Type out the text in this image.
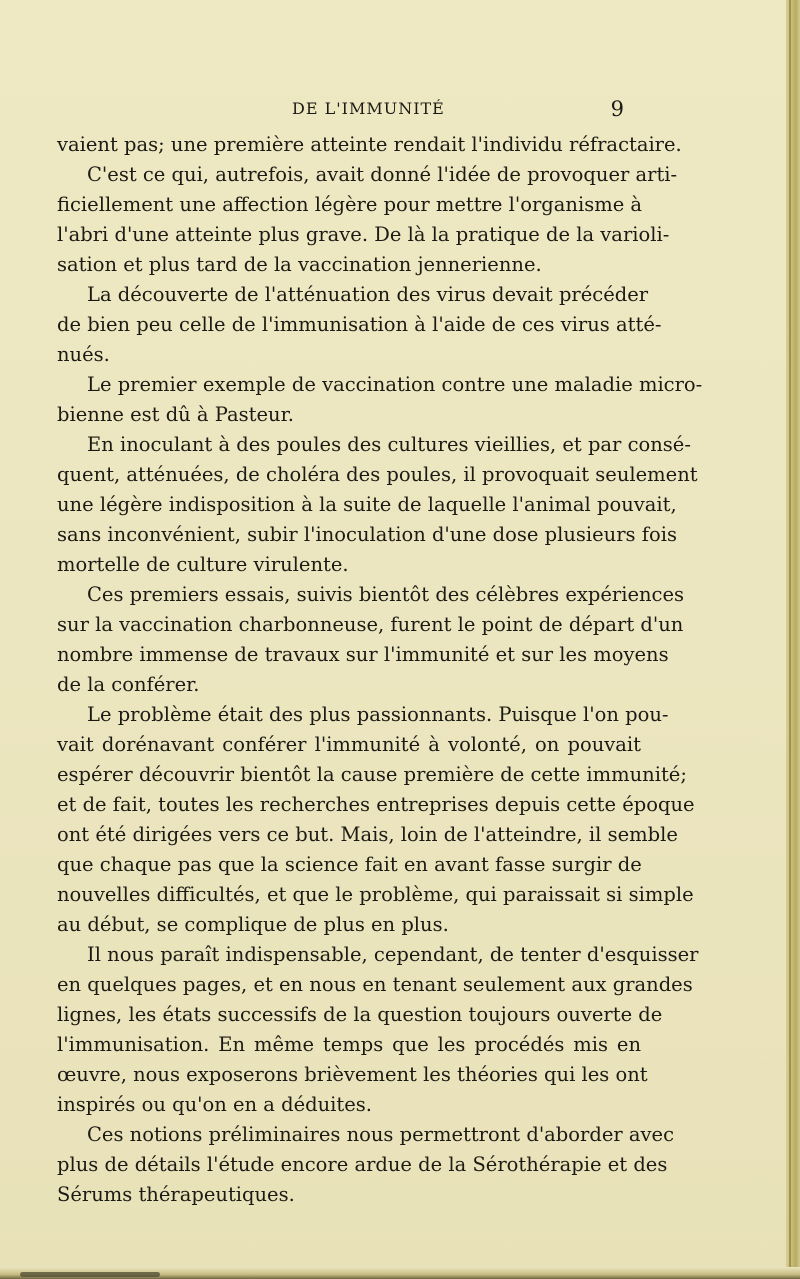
DE L'IMMUNITÉ	9
vaient pas; une première atteinte rendait l'individu réfractaire.
C'est ce qui, autrefois, avait donné l'idée de provoquer arti-
ficiellement une affection légère pour mettre l'organisme à
l'abri d'une atteinte plus grave. De là la pratique de la varioli-
sation et plus tard de la vaccination jennerienne.
La découverte de l'atténuation des virus devait précéder
de bien peu celle de l'immunisation à l'aide de ces virus atté-
nués.
Le premier exemple de vaccination contre une maladie micro-
bienne est dû à Pasteur.
En inoculant à des poules des cultures vieillies, et par consé-
quent, atténuées, de choléra des poules, il provoquait seulement
une légère indisposition à la suite de laquelle l'animal pouvait,
sans inconvénient, subir l'inoculation d'une dose plusieurs fois
mortelle de culture virulente.
Ces premiers essais, suivis bientôt des célèbres expériences
sur la vaccination charbonneuse, furent le point de départ d'un
nombre immense de travaux sur l'immunité et sur les moyens
de la conférer.
Le problème était des plus passionnants. Puisque l'on pou-
vait dorénavant conférer l'immunité à volonté, on pouvait
espérer découvrir bientôt la cause première de cette immunité;
et de fait, toutes les recherches entreprises depuis cette époque
ont été dirigées vers ce but. Mais, loin de l'atteindre, il semble
que chaque pas que la science fait en avant fasse surgir de
nouvelles difficultés, et que le problème, qui paraissait si simple
au début, se complique de plus en plus.
Il nous paraît indispensable, cependant, de tenter d'esquisser
en quelques pages, et en nous en tenant seulement aux grandes
lignes, les états successifs de la question toujours ouverte de
l'immunisation. En même temps que les procédés mis en
œuvre, nous exposerons brièvement les théories qui les ont
inspirés ou qu'on en a déduites.
Ces notions préliminaires nous permettront d'aborder avec
plus de détails l'étude encore ardue de la Sérothérapie et des
Sérums thérapeutiques.
